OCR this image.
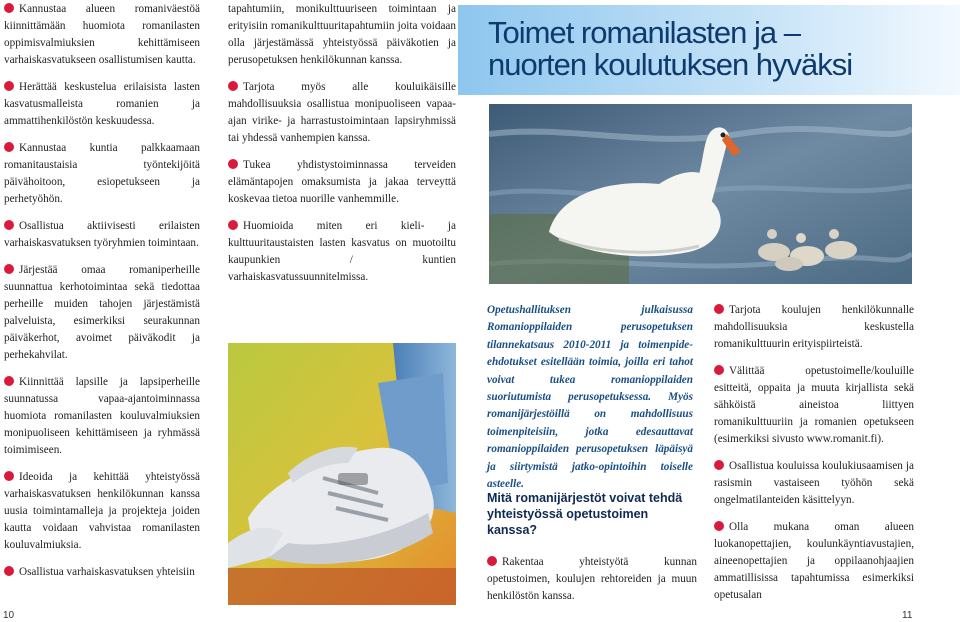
Kannustaa alueen romaniväestöä kiinnittämään huomiota romanilasten oppimisvalmiuksien kehittämiseen varhaiskasvatukseen osallistumisen kautta.

Herättää keskustelua erilaisista lasten kasvatusmalleista romanien ja ammattihenkilöstön keskuudessa.

Kannustaa kuntia palkkaamaan romanitaustaisia työntekijöitä päivähoitoon, esiopetukseen ja perhetyöhön.

Osallistua aktiivisesti erilaisten varhaiskasvatuksen työryhmien toimintaan.

Järjestää omaa romaniperheille suunnattua kerhotoimintaa sekä tiedottaa perheille muiden tahojen järjestämistä palveluista, esimerkiksi seurakunnan päiväkerhot, avoimet päiväkodit ja perhekahvilat.

Kiinnittää lapsille ja lapsiperheille suunnatussa vapaa-ajantoiminnassa huomiota romanilasten kouluvalmiuksien monipuoliseen kehittämiseen ja ryhmässä toimimiseen.

Ideoida ja kehittää yhteistyössä varhaiskasvatuksen henkilökunnan kanssa uusia toimintamalleja ja projekteja joiden kautta voidaan vahvistaa romanilasten kouluvalmiuksia.

Osallistua varhaiskasvatuksen yhteisiin

tapahtumiin, monikulttuuriseen toimintaan ja erityisiin romanikulttuuritapahtumiin joita voidaan olla järjestämässä yhteistyössä päiväkotien ja perusopetuksen henkilökunnan kanssa.

Tarjota myös alle kouluikäisille mahdollisuuksia osallistua monipuoliseen vapaa-ajan virike- ja harrastustoimintaan lapsiryhmissä tai yhdessä vanhempien kanssa.

Tukea yhdistystoiminnassa terveiden elämäntapojen omaksumista ja jakaa terveyttä koskevaa tietoa nuorille vanhemmille.

Huomioida miten eri kieli- ja kulttuuritaustaisten lasten kasvatus on muotoiltu kaupunkien / kuntien varhaiskasvatussuunnitelmissa.

Toimet romanilasten ja –
nuorten koulutuksen hyväksi
Opetushallituksen julkaisussa Romanioppilaiden perusopetuksen tilannekatsaus 2010-2011 ja toimenpide-ehdotukset esitellään toimia, joilla eri tahot voivat tukea romanioppilaiden suoriutumista perusopetuksessa. Myös romanijärjestöillä on mahdollisuus toimenpiteisiin, jotka edesauttavat romanioppilaiden perusopetuksen läpäisyä ja siirtymistä jatko-opintoihin toiselle asteelle.
Mitä romanijärjestöt voivat tehdä yhteistyössä opetustoimen kanssa?

Rakentaa yhteistyötä kunnan opetustoimen, koulujen rehtoreiden ja muun henkilöstön kanssa.

Tarjota koulujen henkilökunnalle mahdollisuuksia keskustella romanikulttuurin erityispiirteistä.

Välittää opetustoimelle/kouluille esitteitä, oppaita ja muuta kirjallista sekä sähköistä aineistoa liittyen romanikulttuuriin ja romanien opetukseen (esimerkiksi sivusto www.romanit.fi).

Osallistua kouluissa koulukiusaamisen ja rasismin vastaiseen työhön sekä ongelmatilanteiden käsittelyyn.

Olla mukana oman alueen luokanopettajien, koulunkäyntiavustajien, aineenopettajien ja oppilaanohjaajien ammatillisissa tapahtumissa esimerkiksi opetusalan

10	11
